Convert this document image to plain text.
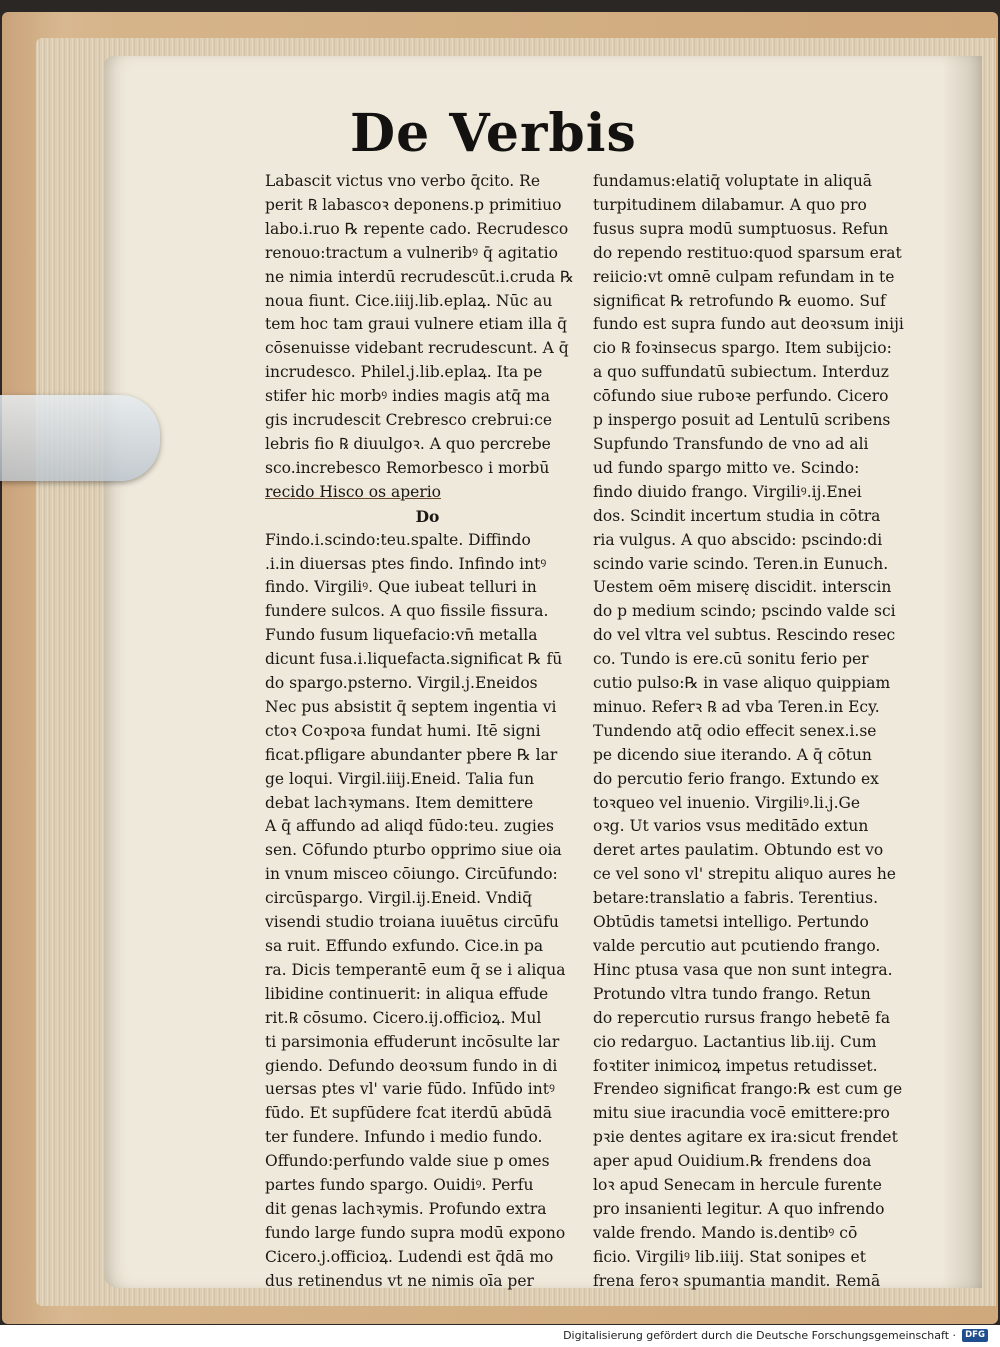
De Verbis
Labascit victus vno verbo q̄cito. Re
perit ℞ labascoꝛ deponens.p primitiuo
labo.i.ruo ℞ repente cado. Recrudesco
renouo:tractum a vulneribꝰ q̄ agitatio
ne nimia interdū recrudescūt.i.cruda ℞
noua fiunt. Cice.iiij.lib.eplaꝝ. Nūc au
tem hoc tam graui vulnere etiam illa q̄
cōsenuisse videbant recrudescunt. A q̄
incrudesco. Philel.j.lib.eplaꝝ. Ita pe
stifer hic morbꝰ indies magis atq̄ ma
gis incrudescit Crebresco crebrui:ce
lebris fio ℞ diuulgoꝛ. A quo percrebe
sco.increbesco Remorbesco i morbū
recido Hisco os aperio
Do
Findo.i.scindo:teu.spalte. Diffindo
.i.in diuersas ptes findo. Infindo intꝰ
findo. Virgiliꝰ. Que iubeat telluri in
fundere sulcos. A quo fissile fissura.
Fundo fusum liquefacio:vn̄ metalla
dicunt fusa.i.liquefacta.significat ℞ fū
do spargo.psterno. Virgil.j.Eneidos
Nec pus absistit q̄ septem ingentia vi
ctoꝛ Coꝛpoꝛa fundat humi. Itē signi
ficat.pfligare abundanter pbere ℞ lar
ge loqui. Virgil.iiij.Eneid. Talia fun
debat lachꝛymans. Item demittere
A q̄ affundo ad aliqd fūdo:teu. zugies
sen. Cōfundo pturbo opprimo siue oia
in vnum misceo cōiungo. Circūfundo:
circūspargo. Virgil.ij.Eneid. Vndiq̄
visendi studio troiana iuuētus circūfu
sa ruit. Effundo exfundo. Cice.in pa
ra. Dicis temperantē eum q̄ se i aliqua
libidine continuerit: in aliqua effude
rit.℞ cōsumo. Cicero.ij.officioꝝ. Mul
ti parsimonia effuderunt incōsulte lar
giendo. Defundo deoꝛsum fundo in di
uersas ptes vl' varie fūdo. Infūdo intꝰ
fūdo. Et supfūdere fcat iterdū abūdā
ter fundere. Infundo i medio fundo.
Offundo:perfundo valde siue p omes
partes fundo spargo. Ouidiꝰ. Perfu
dit genas lachꝛymis. Profundo extra
fundo large fundo supra modū expono
Cicero.j.officioꝝ. Ludendi est q̄dā mo
dus retinendus vt ne nimis oīa per
fundamus:elatiq̄ voluptate in aliquā
turpitudinem dilabamur. A quo pro
fusus supra modū sumptuosus. Refun
do rependo restituo:quod sparsum erat
reiicio:vt omnē culpam refundam in te
significat ℞ retrofundo ℞ euomo. Suf
fundo est supra fundo aut deoꝛsum iniji
cio ℞ foꝛinsecus spargo. Item subijcio:
a quo suffundatū subiectum. Interduz
cōfundo siue ruboꝛe perfundo. Cicero
p inspergo posuit ad Lentulū scribens
Supfundo Transfundo de vno ad ali
ud fundo spargo mitto ve. Scindo:
findo diuido frango. Virgiliꝰ.ij.Enei
dos. Scindit incertum studia in cōtra
ria vulgus. A quo abscido: pscindo:di
scindo varie scindo. Teren.in Eunuch.
Uestem oēm miserę discidit. interscin
do p medium scindo; pscindo valde sci
do vel vltra vel subtus. Rescindo resec
co. Tundo is ere.cū sonitu ferio per
cutio pulso:℞ in vase aliquo quippiam
minuo. Referꝛ ℞ ad vba Teren.in Ecy.
Tundendo atq̄ odio effecit senex.i.se
pe dicendo siue iterando. A q̄ cōtun
do percutio ferio frango. Extundo ex
toꝛqueo vel inuenio. Virgiliꝰ.li.j.Ge
oꝛg. Ut varios vsus meditādo extun
deret artes paulatim. Obtundo est vo
ce vel sono vl' strepitu aliquo aures he
betare:translatio a fabris. Terentius.
Obtūdis tametsi intelligo. Pertundo
valde percutio aut pcutiendo frango.
Hinc ptusa vasa que non sunt integra.
Protundo vltra tundo frango. Retun
do repercutio rursus frango hebetē fa
cio redarguo. Lactantius lib.iij. Cum
foꝛtiter inimicoꝝ impetus retudisset.
Frendeo significat frango:℞ est cum ge
mitu siue iracundia vocē emittere:pro
pꝛie dentes agitare ex ira:sicut frendet
aper apud Ouidium.℞ frendens doa
loꝛ apud Senecam in hercule furente
pro insanienti legitur. A quo infrendo
valde frendo. Mando is.dentibꝰ cō
ficio. Virgiliꝰ lib.iiij. Stat sonipes et
frena feroꝛ spumantia mandit. Remā
Digitalisierung gefördert durch die Deutsche Forschungsgemeinschaft ·	DFG
